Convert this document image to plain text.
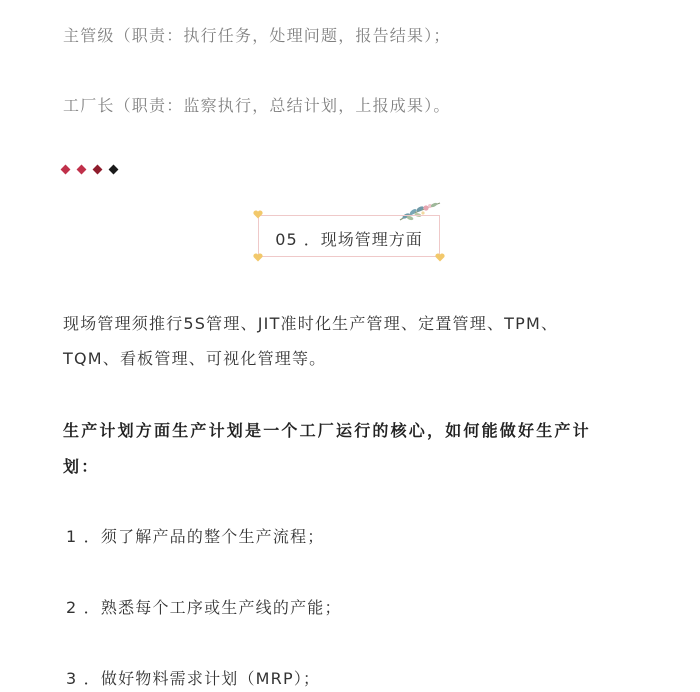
主管级（职责：执行任务，处理问题，报告结果）；
工厂长（职责：监察执行，总结计划，上报成果）。
05 ．现场管理方面
现场管理须推行5S管理、JIT准时化生产管理、定置管理、TPM、
TQM、看板管理、可视化管理等。
生产计划方面生产计划是一个工厂运行的核心，如何能做好生产计
划：
1 ．须了解产品的整个生产流程；
2 ．熟悉每个工序或生产线的产能；
3 ．做好物料需求计划（MRP）；
